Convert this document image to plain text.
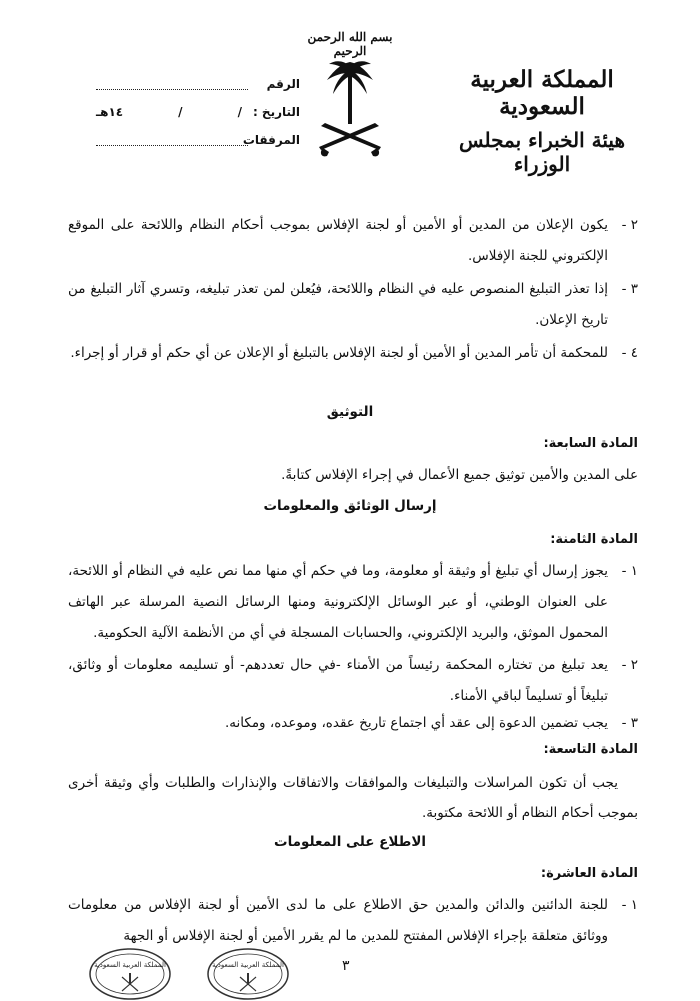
المملكة العربية السعودية
هيئة الخبراء بمجلس الوزراء
بسم الله الرحمن الرحيم
الرقم
التاريخ :
/
/
١٤هـ
المرفقات
٢ -
يكون الإعلان من المدين أو الأمين أو لجنة الإفلاس بموجب أحكام النظام واللائحة على الموقع الإلكتروني للجنة الإفلاس.
٣ -
إذا تعذر التبليغ المنصوص عليه في النظام واللائحة، فيُعلن لمن تعذر تبليغه، وتسري آثار التبليغ من تاريخ الإعلان.
٤ -
للمحكمة أن تأمر المدين أو الأمين أو لجنة الإفلاس بالتبليغ أو الإعلان عن أي حكم أو قرار أو إجراء.
التوثيق
المادة السابعة:
على المدين والأمين توثيق جميع الأعمال في إجراء الإفلاس كتابةً.
إرسال الوثائق والمعلومات
المادة الثامنة:
١ -
يجوز إرسال أي تبليغ أو وثيقة أو معلومة، وما في حكم أي منها مما نص عليه في النظام أو اللائحة، على العنوان الوطني، أو عبر الوسائل الإلكترونية ومنها الرسائل النصية المرسلة عبر الهاتف المحمول الموثق، والبريد الإلكتروني، والحسابات المسجلة في أي من الأنظمة الآلية الحكومية.
٢ -
يعد تبليغ من تختاره المحكمة رئيساً من الأمناء -في حال تعددهم- أو تسليمه معلومات أو وثائق، تبليغاً أو تسليماً لباقي الأمناء.
٣ -
يجب تضمين الدعوة إلى عقد أي اجتماع تاريخ عقده، وموعده، ومكانه.
المادة التاسعة:
يجب أن تكون المراسلات والتبليغات والموافقات والاتفاقات والإنذارات والطلبات وأي وثيقة أخرى بموجب أحكام النظام أو اللائحة مكتوبة.
الاطلاع على المعلومات
المادة العاشرة:
١ -
للجنة الدائنين والدائن والمدين حق الاطلاع على ما لدى الأمين أو لجنة الإفلاس من معلومات ووثائق متعلقة بإجراء الإفلاس المفتتح للمدين ما لم يقرر الأمين أو لجنة الإفلاس أو الجهة
٣
المملكة العربية السعودية	المملكة العربية السعودية
